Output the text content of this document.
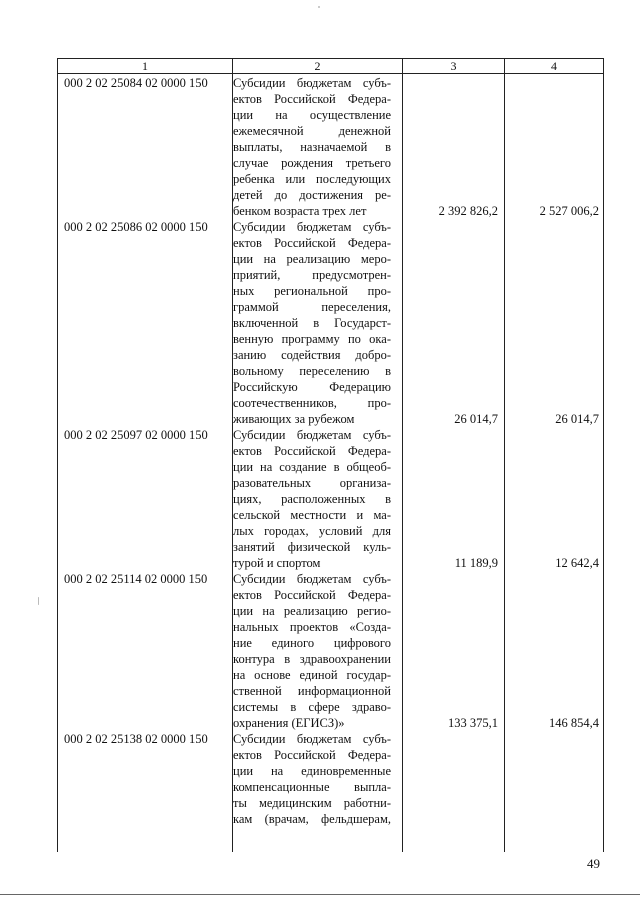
1	2	3	4
000 2 02 25084 02 0000 150 Субсидии бюджетам субъ-
ектов Российской Федера-
ции на осуществление
ежемесячной денежной
выплаты, назначаемой в
случае рождения третьего
ребенка или последующих
детей до достижения ре-
бенком возраста трех лет	2 392 826,2	2 527 006,2
000 2 02 25086 02 0000 150 Субсидии бюджетам субъ-
ектов Российской Федера-
ции на реализацию меро-
приятий, предусмотрен-
ных региональной про-
граммой переселения,
включенной в Государст-
венную программу по ока-
занию содействия добро-
вольному переселению в
Российскую Федерацию
соотечественников, про-
живающих за рубежом	26 014,7	26 014,7
000 2 02 25097 02 0000 150 Субсидии бюджетам субъ-
ектов Российской Федера-
ции на создание в общеоб-
разовательных организа-
циях, расположенных в
сельской местности и ма-
лых городах, условий для
занятий физической куль-
турой и спортом	11 189,9	12 642,4
000 2 02 25114 02 0000 150 Субсидии бюджетам субъ-
ектов Российской Федера-
ции на реализацию регио-
нальных проектов «Созда-
ние единого цифрового
контура в здравоохранении
на основе единой государ-
ственной информационной
системы в сфере здраво-
охранения (ЕГИСЗ)»	133 375,1	146 854,4
000 2 02 25138 02 0000 150 Субсидии бюджетам субъ-
ектов Российской Федера-
ции на единовременные
компенсационные выпла-
ты медицинским работни-
кам (врачам, фельдшерам,
49
